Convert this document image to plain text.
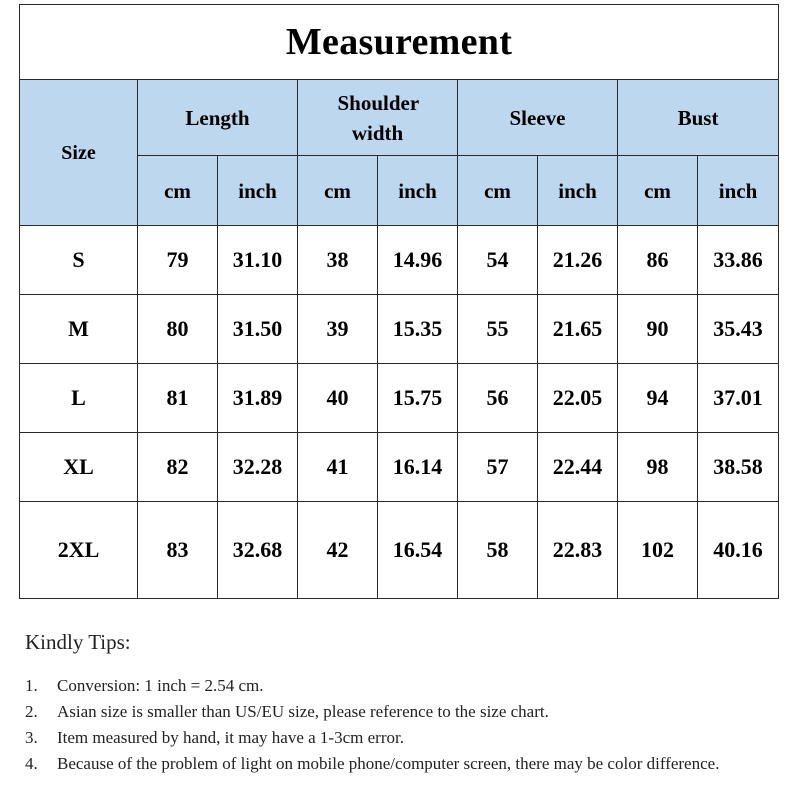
Measurement								
Size	Length		Shoulder width		Sleeve		Bust	
	cm	inch	cm	inch	cm	inch	cm	inch
S	79	31.10	38	14.96	54	21.26	86	33.86
M	80	31.50	39	15.35	55	21.65	90	35.43
L	81	31.89	40	15.75	56	22.05	94	37.01
XL	82	32.28	41	16.14	57	22.44	98	38.58
2XL	83	32.68	42	16.54	58	22.83	102	40.16
Kindly Tips:
1.	Conversion: 1 inch = 2.54 cm.
2.	Asian size is smaller than US/EU size, please reference to the size chart.
3.	Item measured by hand, it may have a 1-3cm error.
4.	Because of the problem of light on mobile phone/computer screen, there may be color difference.
